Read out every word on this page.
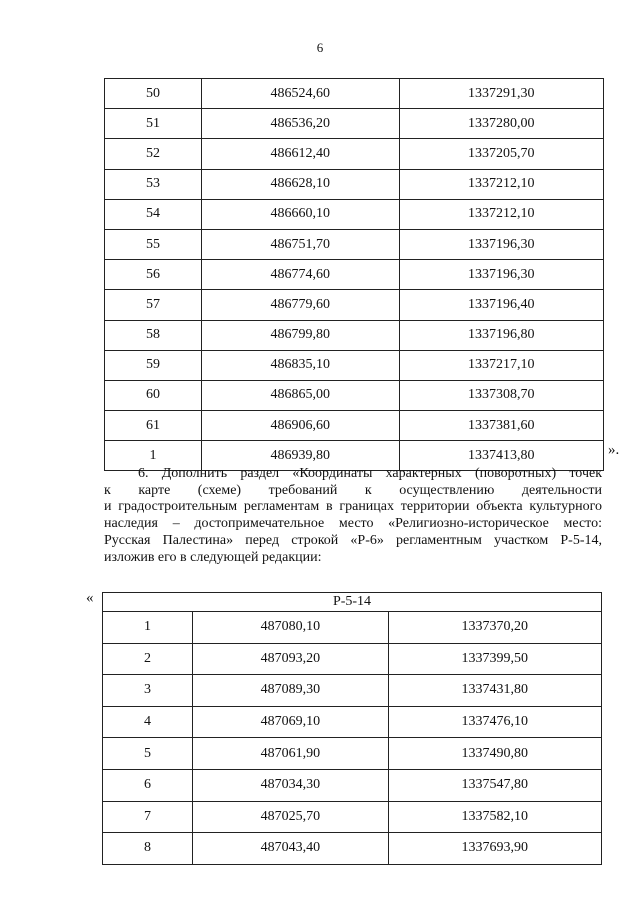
6
50	486524,60	1337291,30
51	486536,20	1337280,00
52	486612,40	1337205,70
53	486628,10	1337212,10
54	486660,10	1337212,10
55	486751,70	1337196,30
56	486774,60	1337196,30
57	486779,60	1337196,40
58	486799,80	1337196,80
59	486835,10	1337217,10
60	486865,00	1337308,70
61	486906,60	1337381,60
1	486939,80	1337413,80	».
6. Дополнить раздел «Координаты характерных (поворотных) точек
к карте (схеме) требований к осуществлению деятельности
и градостроительным регламентам в границах территории объекта культурного
наследия – достопримечательное место «Религиозно-историческое место:
Русская Палестина» перед строкой «Р-6» регламентным участком Р-5-14,
изложив его в следующей редакции:
«	Р-5-14		
1	487080,10	1337370,20
2	487093,20	1337399,50
3	487089,30	1337431,80
4	487069,10	1337476,10
5	487061,90	1337490,80
6	487034,30	1337547,80
7	487025,70	1337582,10
8	487043,40	1337693,90
